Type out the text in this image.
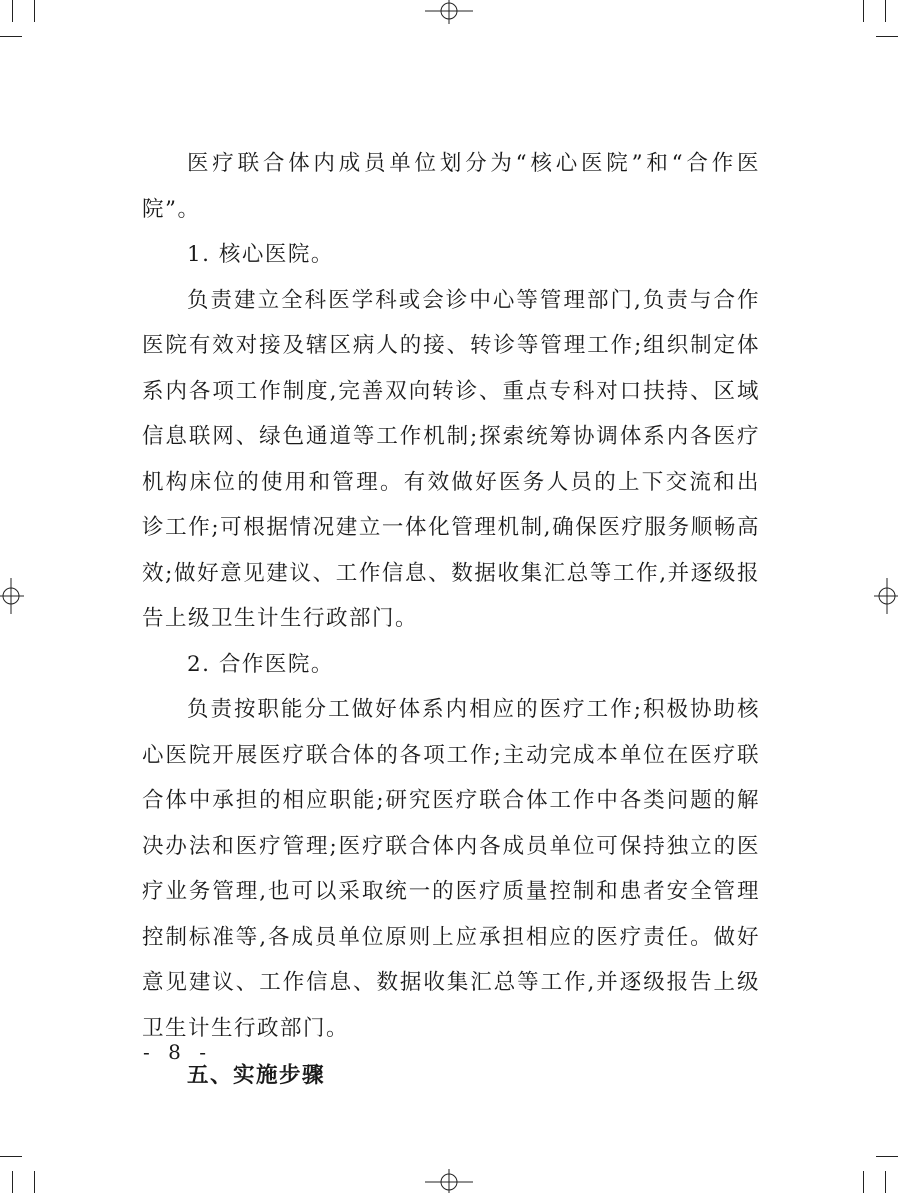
医疗联合体内成员单位划分为“核心医院”和“合作医院”。

1. 核心医院。

负责建立全科医学科或会诊中心等管理部门,负责与合作医院有效对接及辖区病人的接、转诊等管理工作;组织制定体系内各项工作制度,完善双向转诊、重点专科对口扶持、区域信息联网、绿色通道等工作机制;探索统筹协调体系内各医疗机构床位的使用和管理。有效做好医务人员的上下交流和出诊工作;可根据情况建立一体化管理机制,确保医疗服务顺畅高效;做好意见建议、工作信息、数据收集汇总等工作,并逐级报告上级卫生计生行政部门。

2. 合作医院。

负责按职能分工做好体系内相应的医疗工作;积极协助核心医院开展医疗联合体的各项工作;主动完成本单位在医疗联合体中承担的相应职能;研究医疗联合体工作中各类问题的解决办法和医疗管理;医疗联合体内各成员单位可保持独立的医疗业务管理,也可以采取统一的医疗质量控制和患者安全管理控制标准等,各成员单位原则上应承担相应的医疗责任。做好意见建议、工作信息、数据收集汇总等工作,并逐级报告上级卫生计生行政部门。

五、实施步骤

- 8 -
